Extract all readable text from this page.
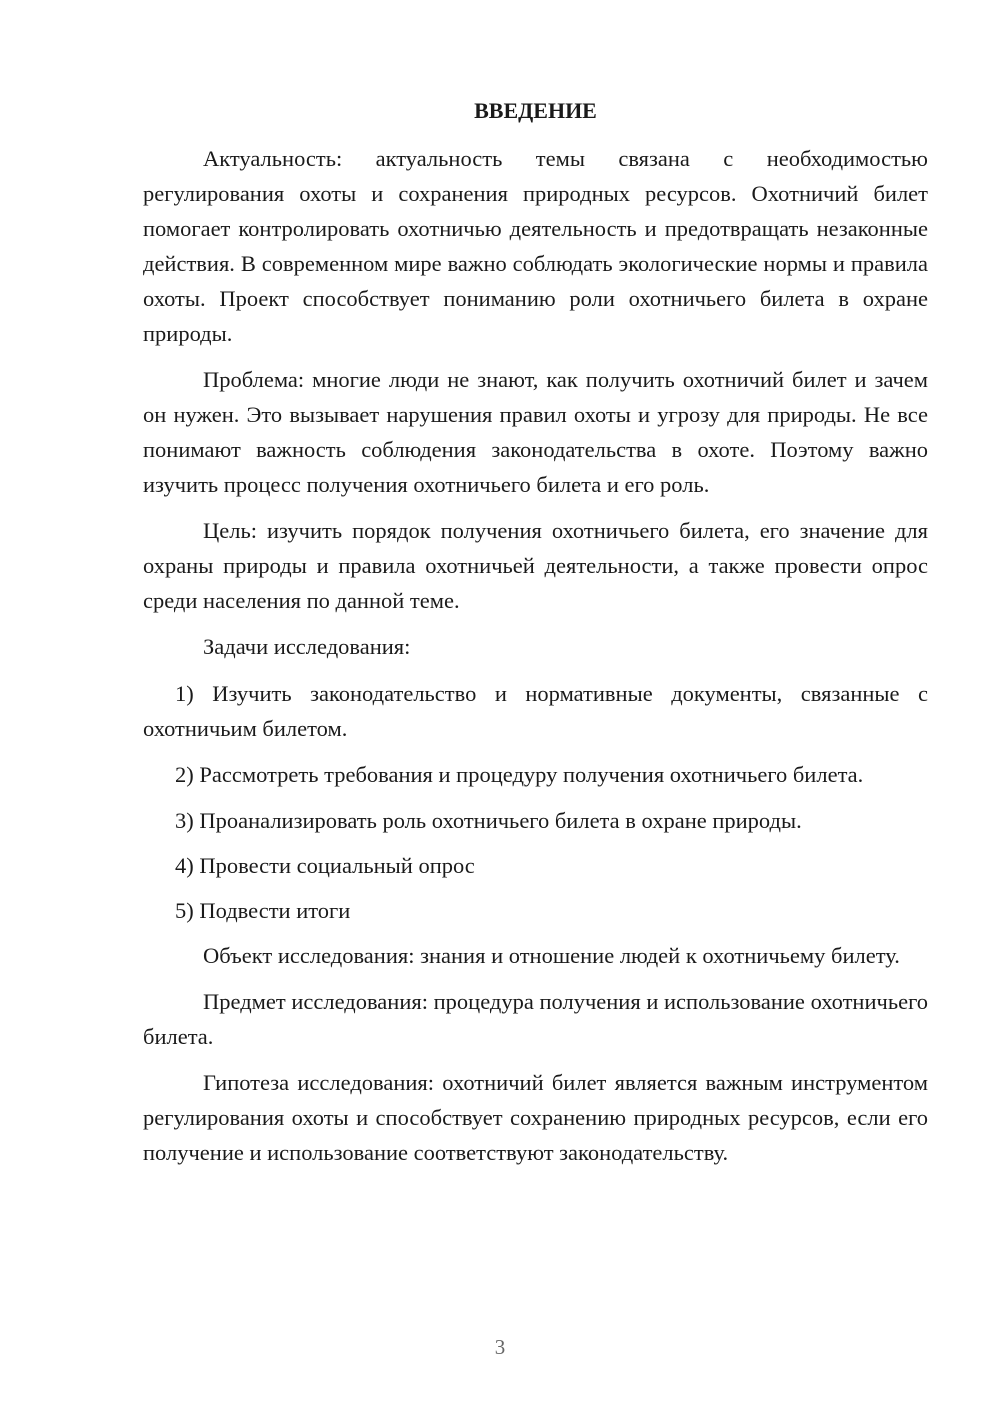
ВВЕДЕНИЕ

Актуальность: актуальность темы связана с необходимостью регулирования охоты и сохранения природных ресурсов. Охотничий билет помогает контролировать охотничью деятельность и предотвращать незаконные действия. В современном мире важно соблюдать экологические нормы и правила охоты. Проект способствует пониманию роли охотничьего билета в охране природы.

Проблема: многие люди не знают, как получить охотничий билет и зачем он нужен. Это вызывает нарушения правил охоты и угрозу для природы. Не все понимают важность соблюдения законодательства в охоте. Поэтому важно изучить процесс получения охотничьего билета и его роль.

Цель: изучить порядок получения охотничьего билета, его значение для охраны природы и правила охотничьей деятельности, а также провести опрос среди населения по данной теме.

Задачи исследования:

1) Изучить законодательство и нормативные документы, связанные с охотничьим билетом.

2) Рассмотреть требования и процедуру получения охотничьего билета.

3) Проанализировать роль охотничьего билета в охране природы.

4) Провести социальный опрос

5) Подвести итоги

Объект исследования: знания и отношение людей к охотничьему билету.

Предмет исследования: процедура получения и использование охотничьего билета.

Гипотеза исследования: охотничий билет является важным инструментом регулирования охоты и способствует сохранению природных ресурсов, если его получение и использование соответствуют законодательству.

3
